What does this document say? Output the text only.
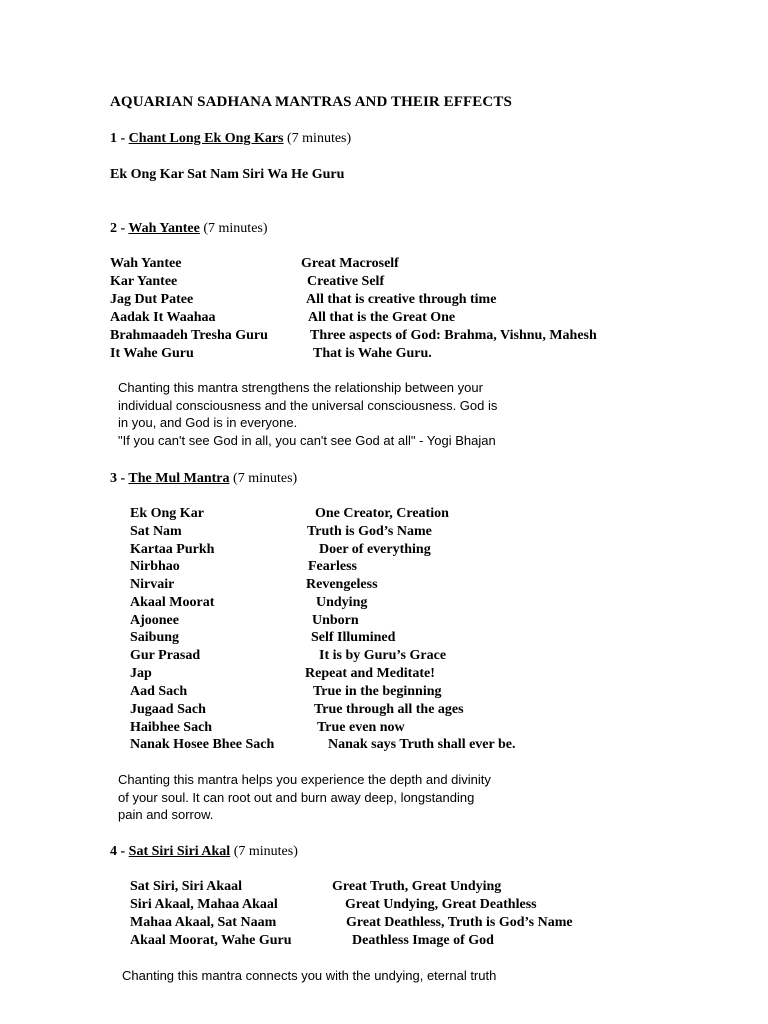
AQUARIAN SADHANA MANTRAS AND THEIR EFFECTS
1 - Chant Long Ek Ong Kars (7 minutes)
Ek Ong Kar Sat Nam Siri Wa He Guru
2 - Wah Yantee (7 minutes)
Wah Yantee	Great Macroself
Kar Yantee	Creative Self
Jag Dut Patee	All that is creative through time
Aadak It Waahaa	All that is the Great One
Brahmaadeh Tresha Guru	Three aspects of God: Brahma, Vishnu, Mahesh
It Wahe Guru	That is Wahe Guru.
Chanting this mantra strengthens the relationship between your
individual consciousness and the universal consciousness. God is
in you, and God is in everyone.
"If you can't see God in all, you can't see God at all" - Yogi Bhajan
3 - The Mul Mantra (7 minutes)
Ek Ong Kar	One Creator, Creation
Sat Nam	Truth is God’s Name
Kartaa Purkh	Doer of everything
Nirbhao	Fearless
Nirvair	Revengeless
Akaal Moorat	Undying
Ajoonee	Unborn
Saibung	Self Illumined
Gur Prasad	It is by Guru’s Grace
Jap	Repeat and Meditate!
Aad Sach	True in the beginning
Jugaad Sach	True through all the ages
Haibhee Sach	True even now
Nanak Hosee Bhee Sach	Nanak says Truth shall ever be.
Chanting this mantra helps you experience the depth and divinity
of your soul. It can root out and burn away deep, longstanding
pain and sorrow.
4 - Sat Siri Siri Akal (7 minutes)
Sat Siri, Siri Akaal	Great Truth, Great Undying
Siri Akaal, Mahaa Akaal	Great Undying, Great Deathless
Mahaa Akaal, Sat Naam	Great Deathless, Truth is God’s Name
Akaal Moorat, Wahe Guru	Deathless Image of God
Chanting this mantra connects you with the undying, eternal truth
